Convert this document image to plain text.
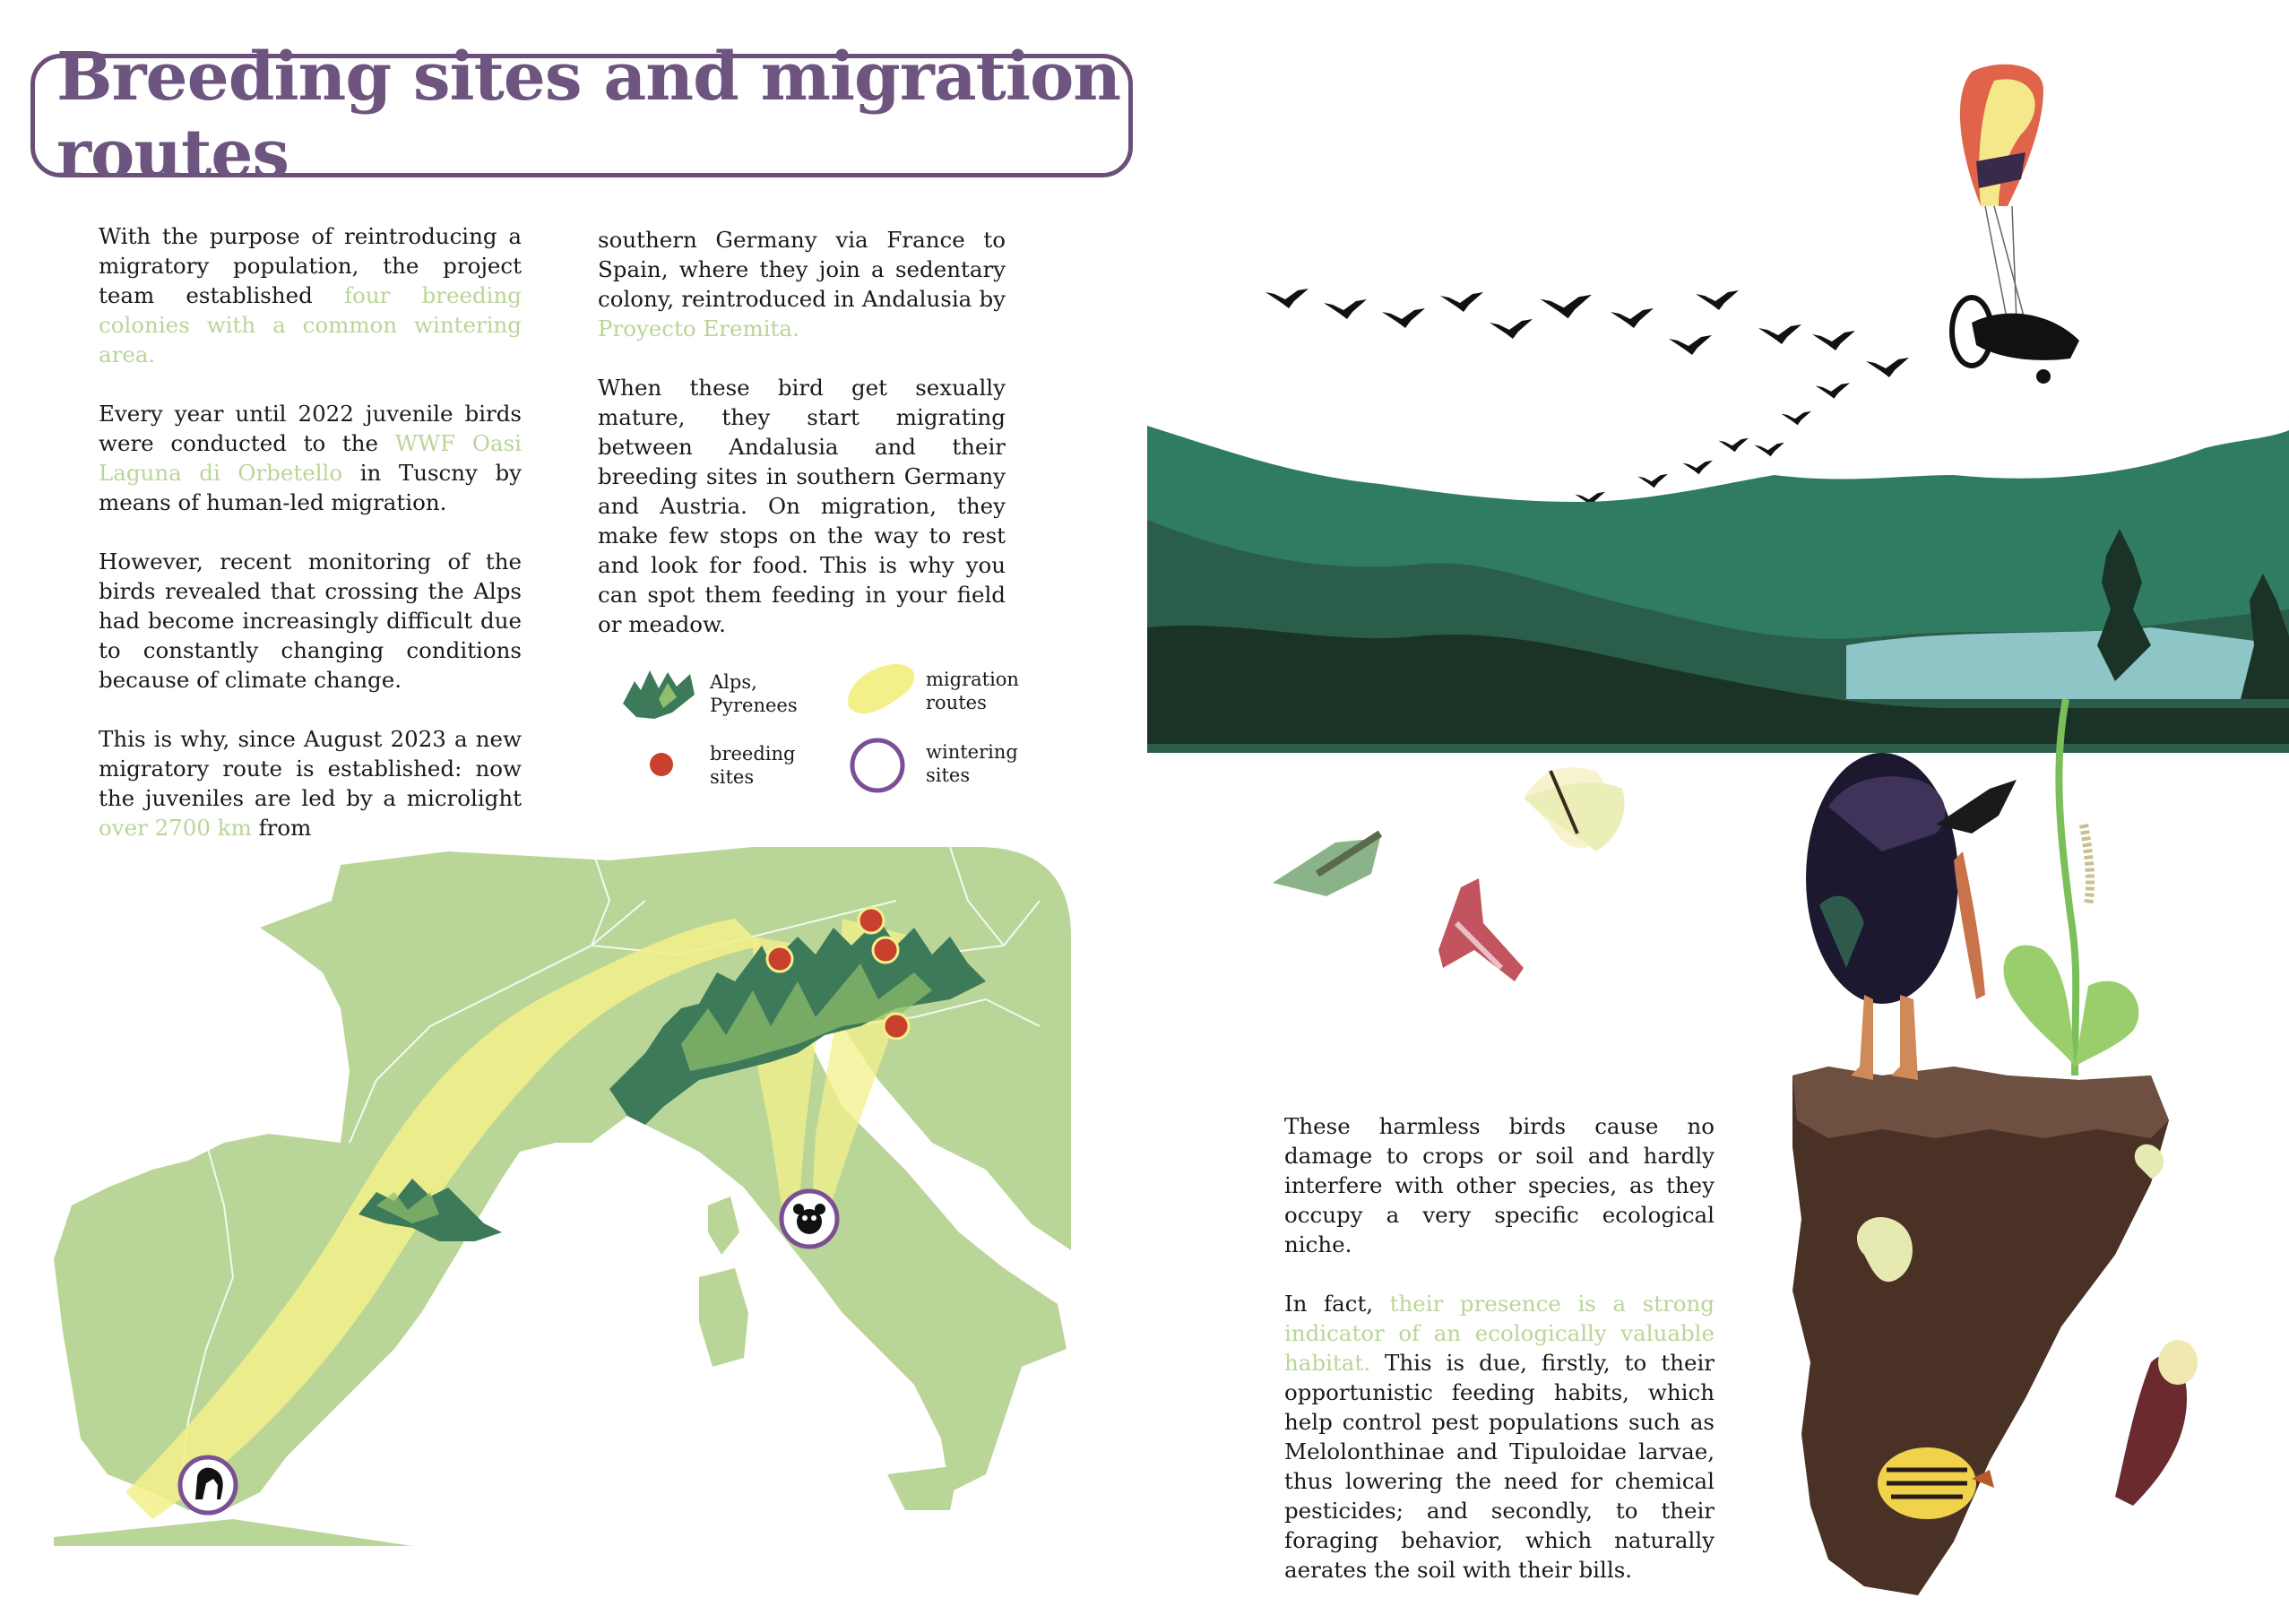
Breeding sites and migration routes

With the purpose of reintroducing a migratory population, the project team established four breeding colonies with a common wintering area.

Every year until 2022 juvenile birds were conducted to the WWF Oasi Laguna di Orbetello in Tuscny by means of human-led migration.

However, recent monitoring of the birds revealed that crossing the Alps had become increasingly difficult due to constantly changing conditions because of climate change.

This is why, since August 2023 a new migratory route is established: now the juveniles are led by a microlight over 2700 km from

southern Germany via France to Spain, where they join a sedentary colony, reintroduced in Andalusia by Proyecto Eremita.

When these bird get sexually mature, they start migrating between Andalusia and their breeding sites in southern Germany and Austria. On migration, they make few stops on the way to rest and look for food. This is why you can spot them feeding in your field or meadow.

These harmless birds cause no damage to crops or soil and hardly interfere with other species, as they occupy a very specific ecological niche.

In fact, their presence is a strong indicator of an ecologically valuable habitat. This is due, firstly, to their opportunistic feeding habits, which help control pest populations such as Melolonthinae and Tipuloidae larvae, thus lowering the need for chemical pesticides; and secondly, to their foraging behavior, which naturally aerates the soil with their bills.

Alps,
Pyrenees
migration
routes
breeding
sites
wintering
sites
